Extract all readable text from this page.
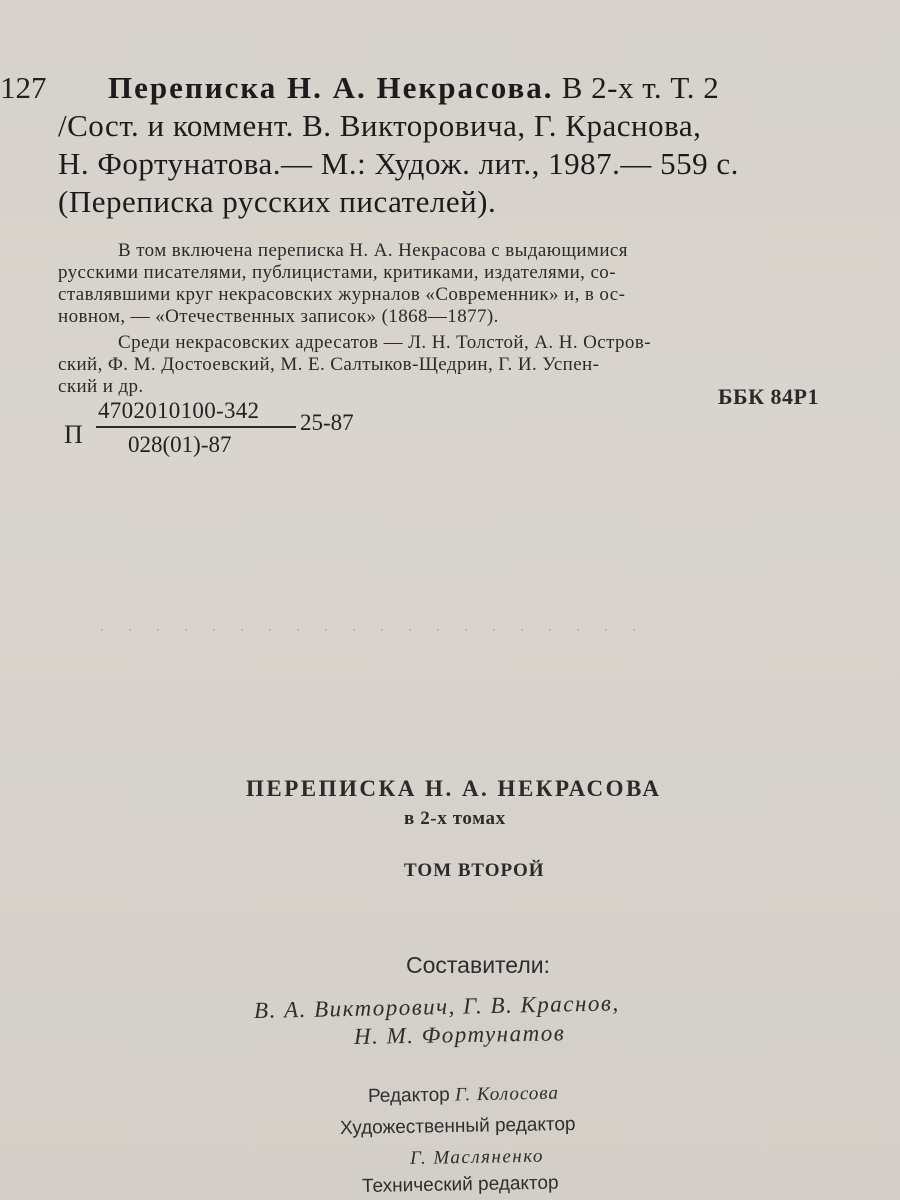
127 Переписка Н. А. Некрасова. В 2-х т. Т. 2
/Сост. и коммент. В. Викторовича, Г. Краснова,
Н. Фортунатова.— М.: Худож. лит., 1987.— 559 с.
(Переписка русских писателей).
В том включена переписка Н. А. Некрасова с выдающимися
русскими писателями, публицистами, критиками, издателями, со-
ставлявшими круг некрасовских журналов «Современник» и, в ос-
новном, — «Отечественных записок» (1868—1877).
Среди некрасовских адресатов — Л. Н. Толстой, А. Н. Остров-
ский, Ф. М. Достоевский, М. Е. Салтыков-Щедрин, Г. И. Успен-
ский и др.	ББК 84Р1
П
4702010100-342
028(01)-87
25-87
. . . . . . . . . . . . . . . . . . . .
ПЕРЕПИСКА Н. А. НЕКРАСОВА
в 2-х томах
ТОМ ВТОРОЙ
Составители:
В. А. Викторович, Г. В. Краснов,
Н. М. Фортунатов
Редактор Г. Колосова
Художественный редактор
Г. Масляненко
Технический редактор
